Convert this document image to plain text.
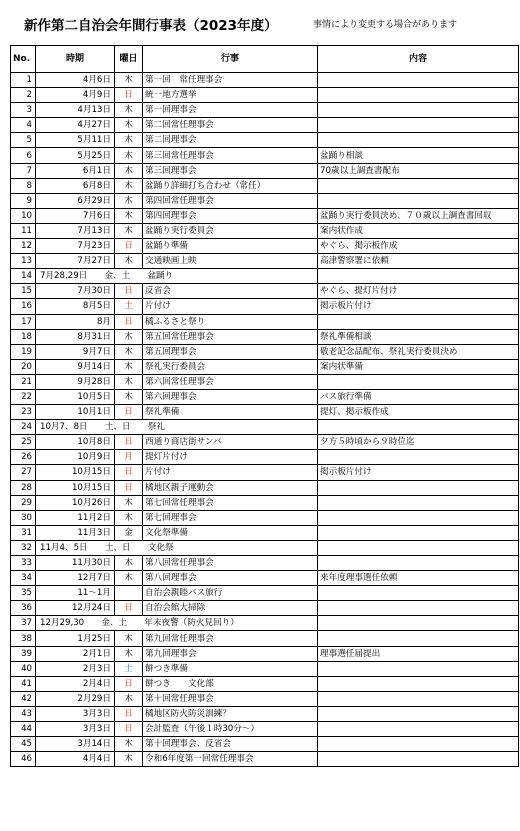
新作第二自治会年間行事表（2023年度）	事情により変更する場合があります
No.	時期	曜日	行事	内容
1	4月6日	木	第一回　常任理事会	
2	4月9日	日	統一地方選挙	
3	4月13日	木	第一回理事会	
4	4月27日	木	第二回常任理事会	
5	5月11日	木	第二回理事会	
6	5月25日	木	第三回常任理事会	盆踊り相談
7	6月1日	木	第三回理事会	70歳以上調査書配布
8	6月8日	木	盆踊り詳細打ち合わせ（常任）	
9	6月29日	木	第四回常任理事会	
10	7月6日	木	第四回理事会	盆踊り実行委員決め、７０歳以上調査書回収
11	7月13日	木	盆踊り実行委員会	案内状作成
12	7月23日	日	盆踊り準備	やぐら、掲示板作成
13	7月27日	木	交通映画上映	高津警察署に依頼
14	7月28,29日　　金、土　　盆踊り			
15	7月30日	日	反省会	やぐら、提灯片付け
16	8月5日	土	片付け	掲示板片付け
17	8月	日	橘ふるさと祭り	
18	8月31日	木	第五回常任理事会	祭礼準備相談
19	9月7日	木	第五回理事会	敬老記念品配布、祭礼実行委員決め
20	9月14日	木	祭礼実行委員会	案内状準備
21	9月28日	木	第六回常任理事会	
22	10月5日	木	第六回理事会	バス旅行準備
23	10月1日	日	祭礼準備	提灯、掲示板作成
24	10月7、8日　　土、日　　祭礼			
25	10月8日	日	西通り商店街サンバ	夕方５時頃から９時位迄
26	10月9日	月	提灯片付け	
27	10月15日	日	片付け	掲示板片付け
28	10月15日	日	橘地区親子運動会	
29	10月26日	木	第七回常任理事会	
30	11月2日	木	第七回理事会	
31	11月3日	金	文化祭準備	
32	11月4、5日　　土、日　　文化祭			
33	11月30日	木	第八回常任理事会	
34	12月7日	木	第八回理事会	来年度理事選任依頼
35	11～1月		自治会親睦バス旅行	
36	12月24日	日	自治会館大掃除	
37	12月29,30　　金、土　　年末夜警（防火見回り）			
38	1月25日	木	第九回常任理事会	
39	2月1日	木	第九回理事会	理事選任届提出
40	2月3日	土	餅つき準備	
41	2月4日	日	餅つき　　文化部	
42	2月29日	木	第十回常任理事会	
43	3月3日	日	橘地区防火防災訓練？	
44	3月3日	日	会計監査（午後１時30分～）	
45	3月14日	木	第十回理事会、反省会	
46	4月4日	木	令和6年度第一回常任理事会	
